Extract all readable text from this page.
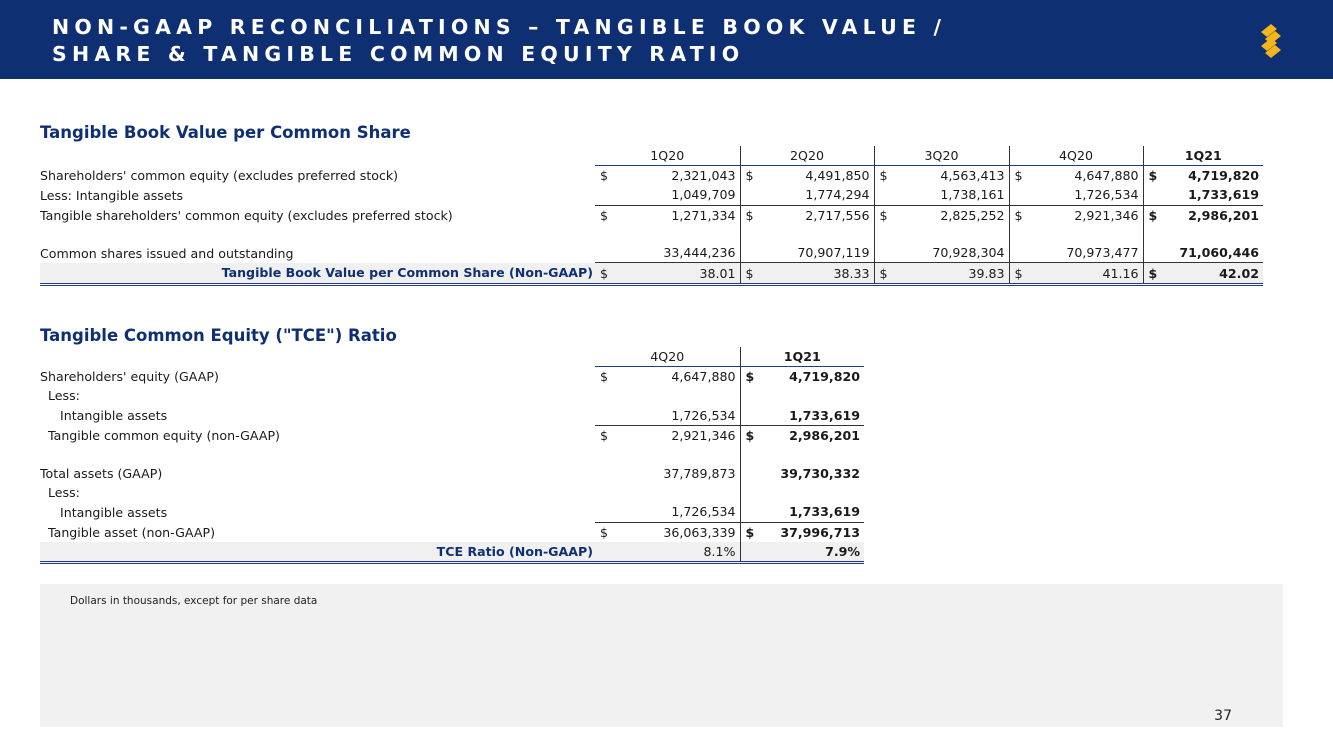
NON-GAAP RECONCILIATIONS – TANGIBLE BOOK VALUE /
SHARE & TANGIBLE COMMON EQUITY RATIO
Tangible Book Value per Common Share
	1Q20		2Q20		3Q20		4Q20		1Q21	
Shareholders' common equity (excludes preferred stock)	$	2,321,043	$	4,491,850	$	4,563,413	$	4,647,880	$	4,719,820
Less: Intangible assets		1,049,709		1,774,294		1,738,161		1,726,534		1,733,619
Tangible shareholders' common equity (excludes preferred stock)	$	1,271,334	$	2,717,556	$	2,825,252	$	2,921,346	$	2,986,201

Common shares issued and outstanding		33,444,236		70,907,119		70,928,304		70,973,477		71,060,446
Tangible Book Value per Common Share (Non-GAAP)	$	38.01	$	38.33	$	39.83	$	41.16	$	42.02
Tangible Common Equity ("TCE") Ratio
	4Q20		1Q21	
Shareholders' equity (GAAP)	$	4,647,880	$	4,719,820
Less:				
Intangible assets		1,726,534		1,733,619
Tangible common equity (non-GAAP)	$	2,921,346	$	2,986,201

Total assets (GAAP)		37,789,873		39,730,332
Less:				
Intangible assets		1,726,534		1,733,619
Tangible asset (non-GAAP)	$	36,063,339	$	37,996,713
TCE Ratio (Non-GAAP)		8.1%		7.9%
Dollars in thousands, except for per share data
37
